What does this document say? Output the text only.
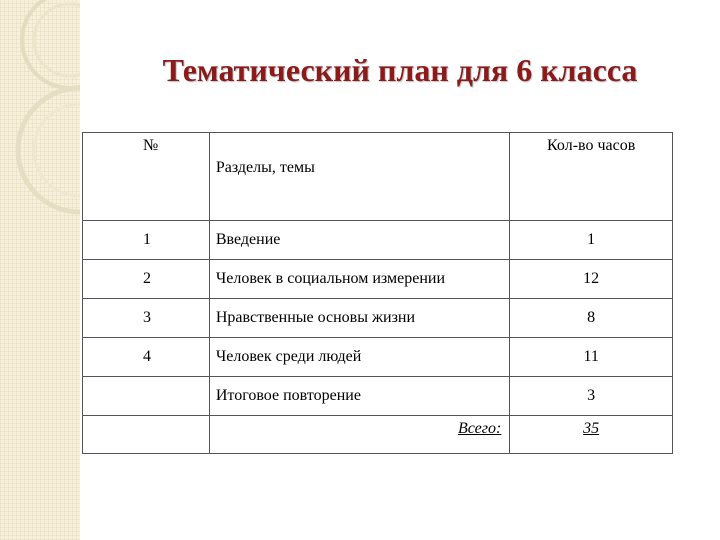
Тематический план для 6 класса
№	Разделы, темы	Кол-во часов
1	Введение	1
2	Человек в социальном измерении	12
3	Нравственные основы жизни	8
4	Человек среди людей	11
	Итоговое повторение	3
	Всего:	35
